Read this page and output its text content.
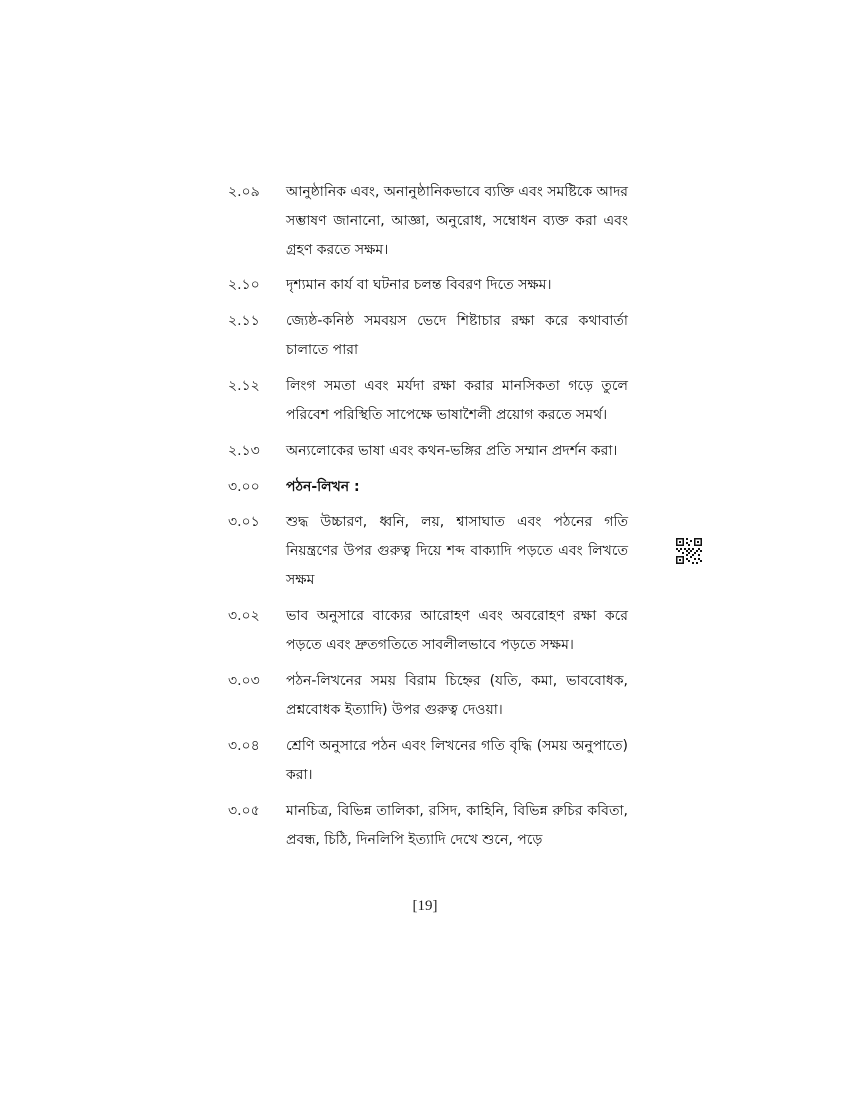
২.০৯	আনুষ্ঠানিক এবং, অনানুষ্ঠানিকভাবে ব্যক্তি এবং সমষ্টিকে আদর সম্ভাষণ জানানো, আজ্ঞা, অনুরোধ, সম্বোধন ব্যক্ত করা এবং গ্রহণ করতে সক্ষম।
২.১০	দৃশ্যমান কার্য বা ঘটনার চলন্ত বিবরণ দিতে সক্ষম।
২.১১	জ্যেষ্ঠ-কনিষ্ঠ সমবয়স ভেদে শিষ্টাচার রক্ষা করে কথাবার্তা চালাতে পারা
২.১২	লিংগ সমতা এবং মর্যদা রক্ষা করার মানসিকতা গড়ে তুলে পরিবেশ পরিস্থিতি সাপেক্ষে ভাষাশৈলী প্রয়োগ করতে সমর্থ।
২.১৩	অন্যলোকের ভাষা এবং কথন-ভঙ্গির প্রতি সম্মান প্রদর্শন করা।
৩.০০	পঠন-লিখন :
৩.০১	শুদ্ধ উচ্চারণ, ধ্বনি, লয়, শ্বাসাঘাত এবং পঠনের গতি নিয়ন্ত্রণের উপর গুরুত্ব দিয়ে শব্দ বাক্যাদি পড়তে এবং লিখতে সক্ষম
৩.০২	ভাব অনুসারে বাক্যের আরোহণ এবং অবরোহণ রক্ষা করে পড়তে এবং দ্রুতগতিতে সাবলীলভাবে পড়তে সক্ষম।
৩.০৩	পঠন-লিখনের সময় বিরাম চিহ্নের (যতি, কমা, ভাববোধক, প্রশ্নবোধক ইত্যাদি) উপর গুরুত্ব দেওয়া।
৩.০৪	শ্রেণি অনুসারে পঠন এবং লিখনের গতি বৃদ্ধি (সময় অনুপাতে) করা।
৩.০৫	মানচিত্র, বিভিন্ন তালিকা, রসিদ, কাহিনি, বিভিন্ন রুচির কবিতা, প্রবন্ধ, চিঠি, দিনলিপি ইত্যাদি দেখে শুনে, পড়ে
[19]
